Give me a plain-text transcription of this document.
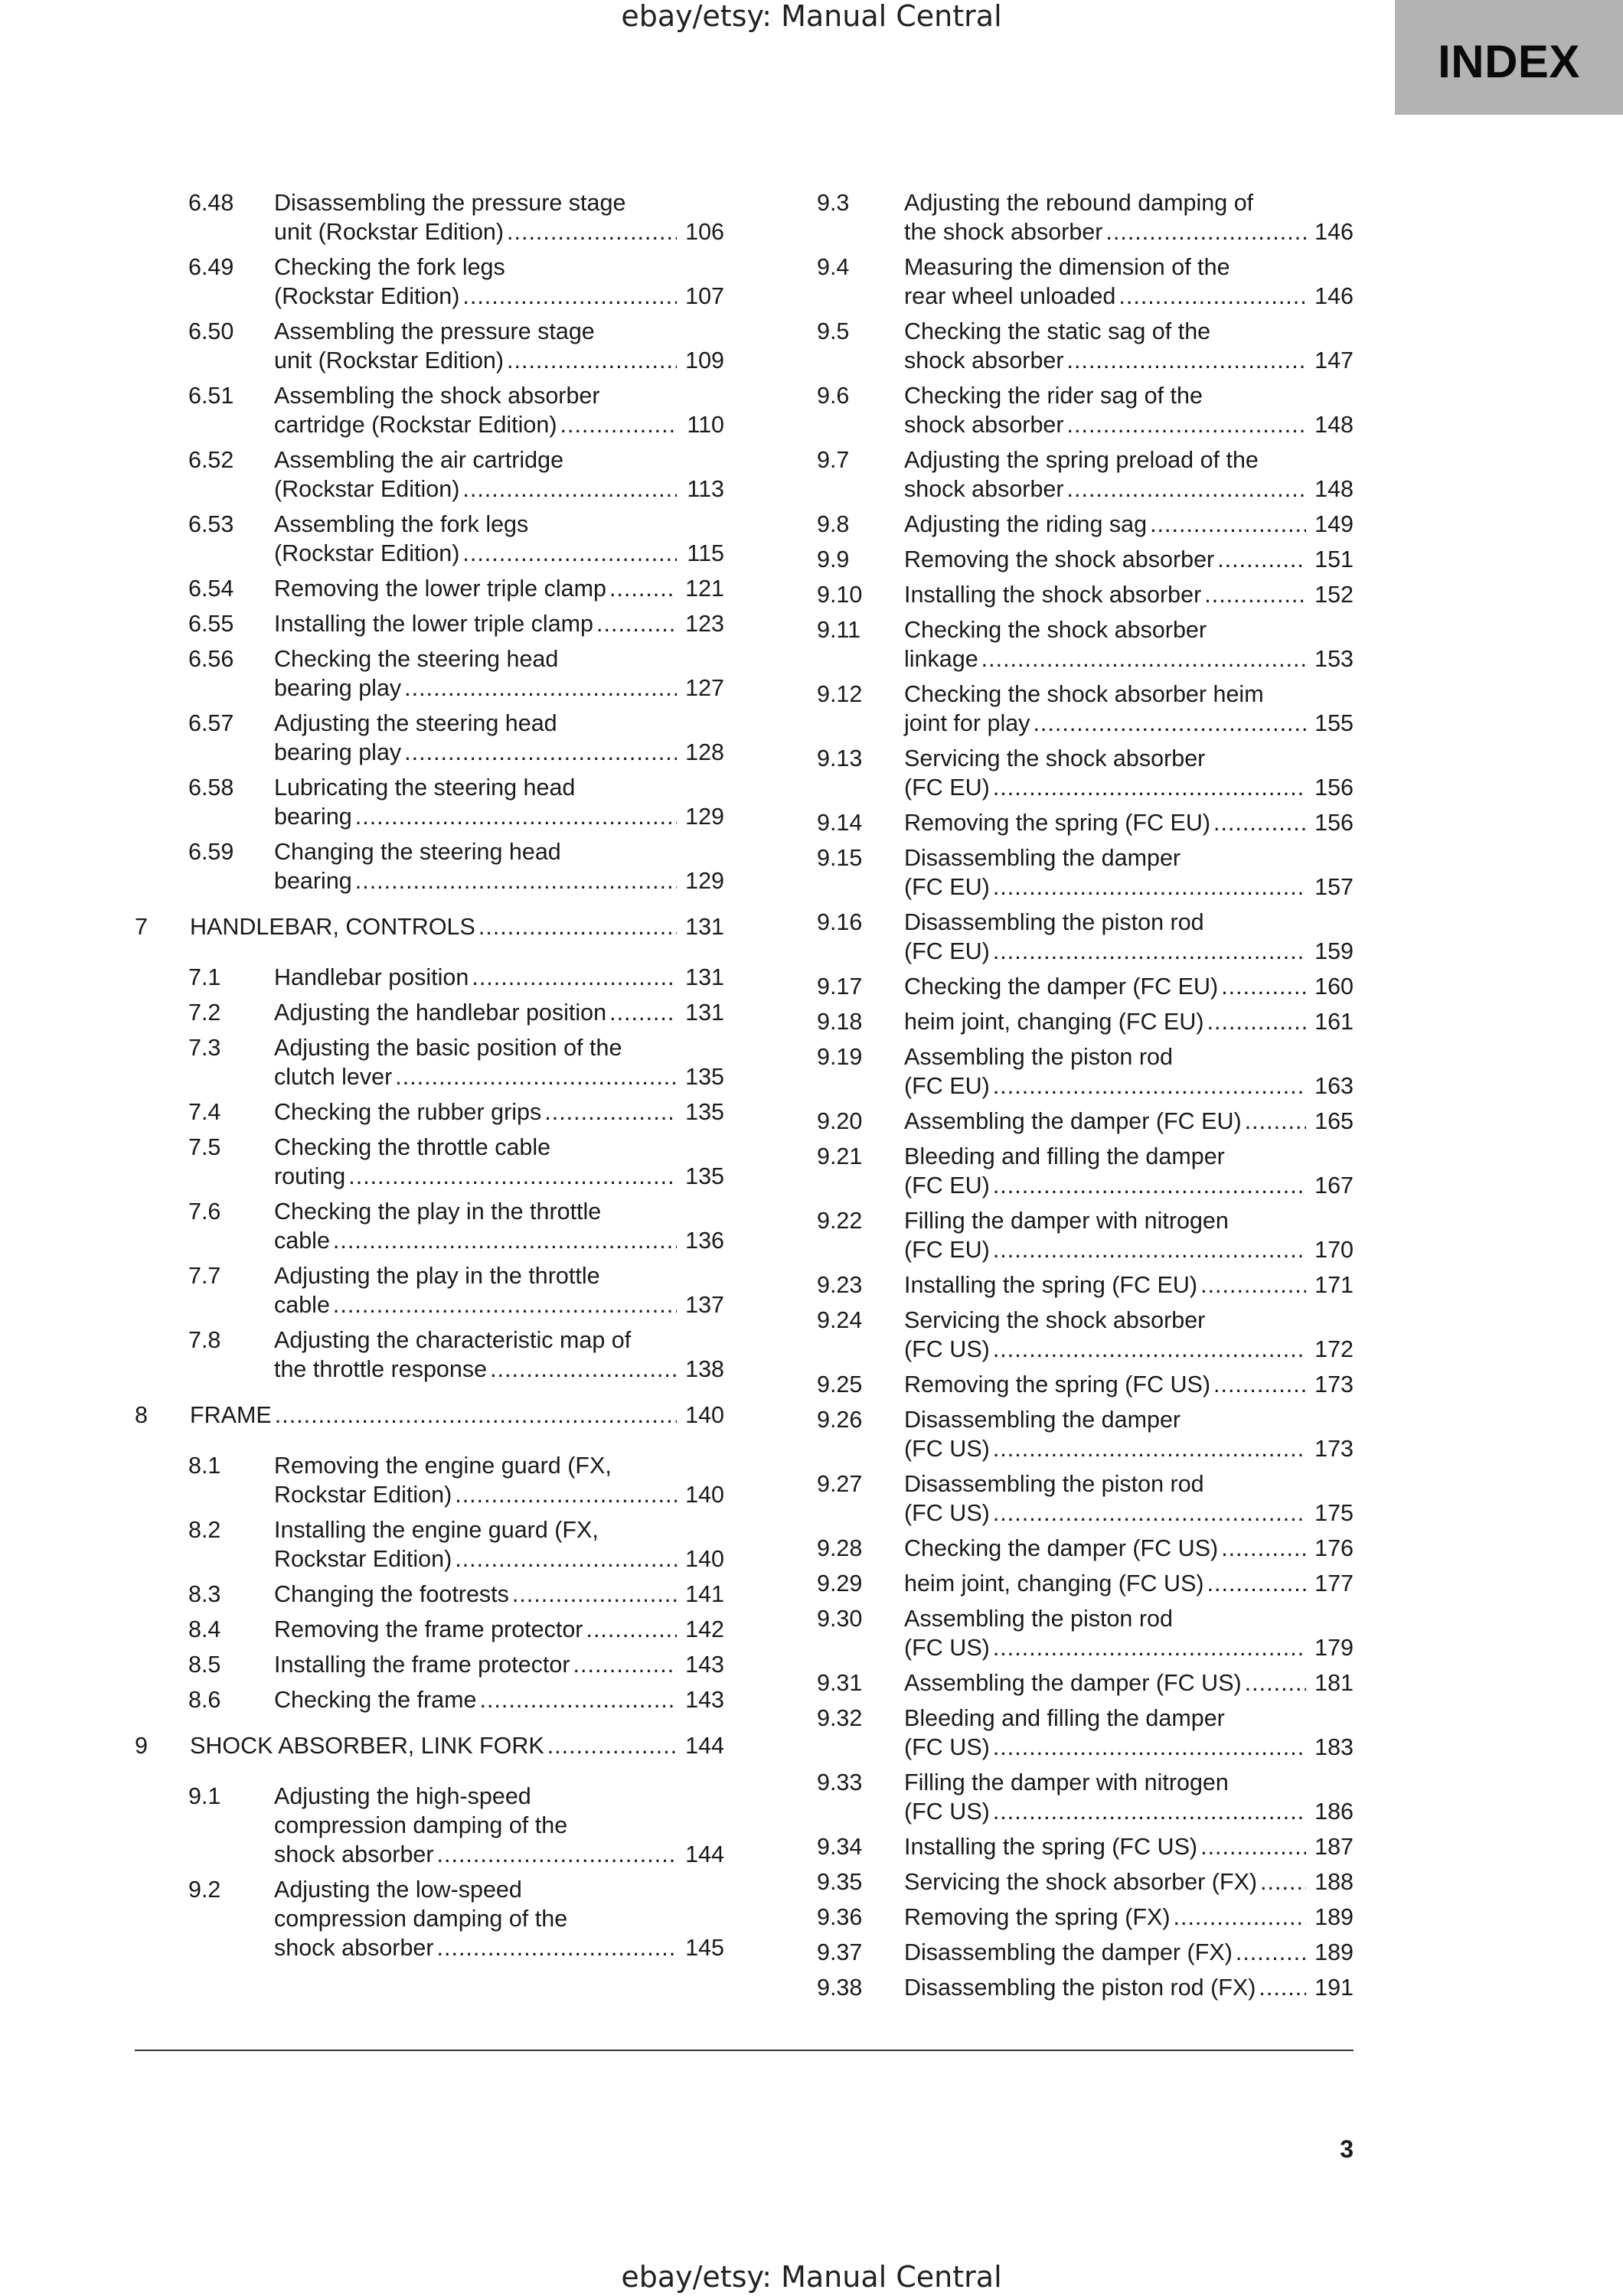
ebay/etsy: Manual Central
INDEX
6.48 Disassembling the pressure stage
unit (Rockstar Edition) .....	106
6.49 Checking the fork legs
(Rockstar Edition) .....	107
6.50 Assembling the pressure stage
unit (Rockstar Edition) .....	109
6.51 Assembling the shock absorber
cartridge (Rockstar Edition) .....	110
6.52 Assembling the air cartridge
(Rockstar Edition) .....	113
6.53 Assembling the fork legs
(Rockstar Edition) .....	115
6.54 Removing the lower triple clamp .....	121
6.55 Installing the lower triple clamp .....	123
6.56 Checking the steering head
bearing play .....	127
6.57 Adjusting the steering head
bearing play .....	128
6.58 Lubricating the steering head
bearing .....	129
6.59 Changing the steering head
bearing .....	129
7 HANDLEBAR, CONTROLS .....	131
7.1 Handlebar position .....	131
7.2 Adjusting the handlebar position .....	131
7.3 Adjusting the basic position of the
clutch lever .....	135
7.4 Checking the rubber grips .....	135
7.5 Checking the throttle cable
routing .....	135
7.6 Checking the play in the throttle
cable .....	136
7.7 Adjusting the play in the throttle
cable .....	137
7.8 Adjusting the characteristic map of
the throttle response .....	138
8 FRAME .....	140
8.1 Removing the engine guard (FX,
Rockstar Edition) .....	140
8.2 Installing the engine guard (FX,
Rockstar Edition) .....	140
8.3 Changing the footrests .....	141
8.4 Removing the frame protector .....	142
8.5 Installing the frame protector .....	143
8.6 Checking the frame .....	143
9 SHOCK ABSORBER, LINK FORK .....	144
9.1 Adjusting the high-speed
compression damping of the
shock absorber .....	144
9.2 Adjusting the low-speed
compression damping of the
shock absorber .....	145
9.3 Adjusting the rebound damping of
the shock absorber .....	146
9.4 Measuring the dimension of the
rear wheel unloaded .....	146
9.5 Checking the static sag of the
shock absorber .....	147
9.6 Checking the rider sag of the
shock absorber .....	148
9.7 Adjusting the spring preload of the
shock absorber .....	148
9.8 Adjusting the riding sag .....	149
9.9 Removing the shock absorber .....	151
9.10 Installing the shock absorber .....	152
9.11 Checking the shock absorber
linkage .....	153
9.12 Checking the shock absorber heim
joint for play .....	155
9.13 Servicing the shock absorber
(FC EU) .....	156
9.14 Removing the spring (FC EU) .....	156
9.15 Disassembling the damper
(FC EU) .....	157
9.16 Disassembling the piston rod
(FC EU) .....	159
9.17 Checking the damper (FC EU) .....	160
9.18 heim joint, changing (FC EU) .....	161
9.19 Assembling the piston rod
(FC EU) .....	163
9.20 Assembling the damper (FC EU) .....	165
9.21 Bleeding and filling the damper
(FC EU) .....	167
9.22 Filling the damper with nitrogen
(FC EU) .....	170
9.23 Installing the spring (FC EU) .....	171
9.24 Servicing the shock absorber
(FC US) .....	172
9.25 Removing the spring (FC US) .....	173
9.26 Disassembling the damper
(FC US) .....	173
9.27 Disassembling the piston rod
(FC US) .....	175
9.28 Checking the damper (FC US) .....	176
9.29 heim joint, changing (FC US) .....	177
9.30 Assembling the piston rod
(FC US) .....	179
9.31 Assembling the damper (FC US) .....	181
9.32 Bleeding and filling the damper
(FC US) .....	183
9.33 Filling the damper with nitrogen
(FC US) .....	186
9.34 Installing the spring (FC US) .....	187
9.35 Servicing the shock absorber (FX) ..... 188
9.36 Removing the spring (FX) .....	189
9.37 Disassembling the damper (FX) .....	189
9.38 Disassembling the piston rod (FX) .....	191
3
ebay/etsy: Manual Central
